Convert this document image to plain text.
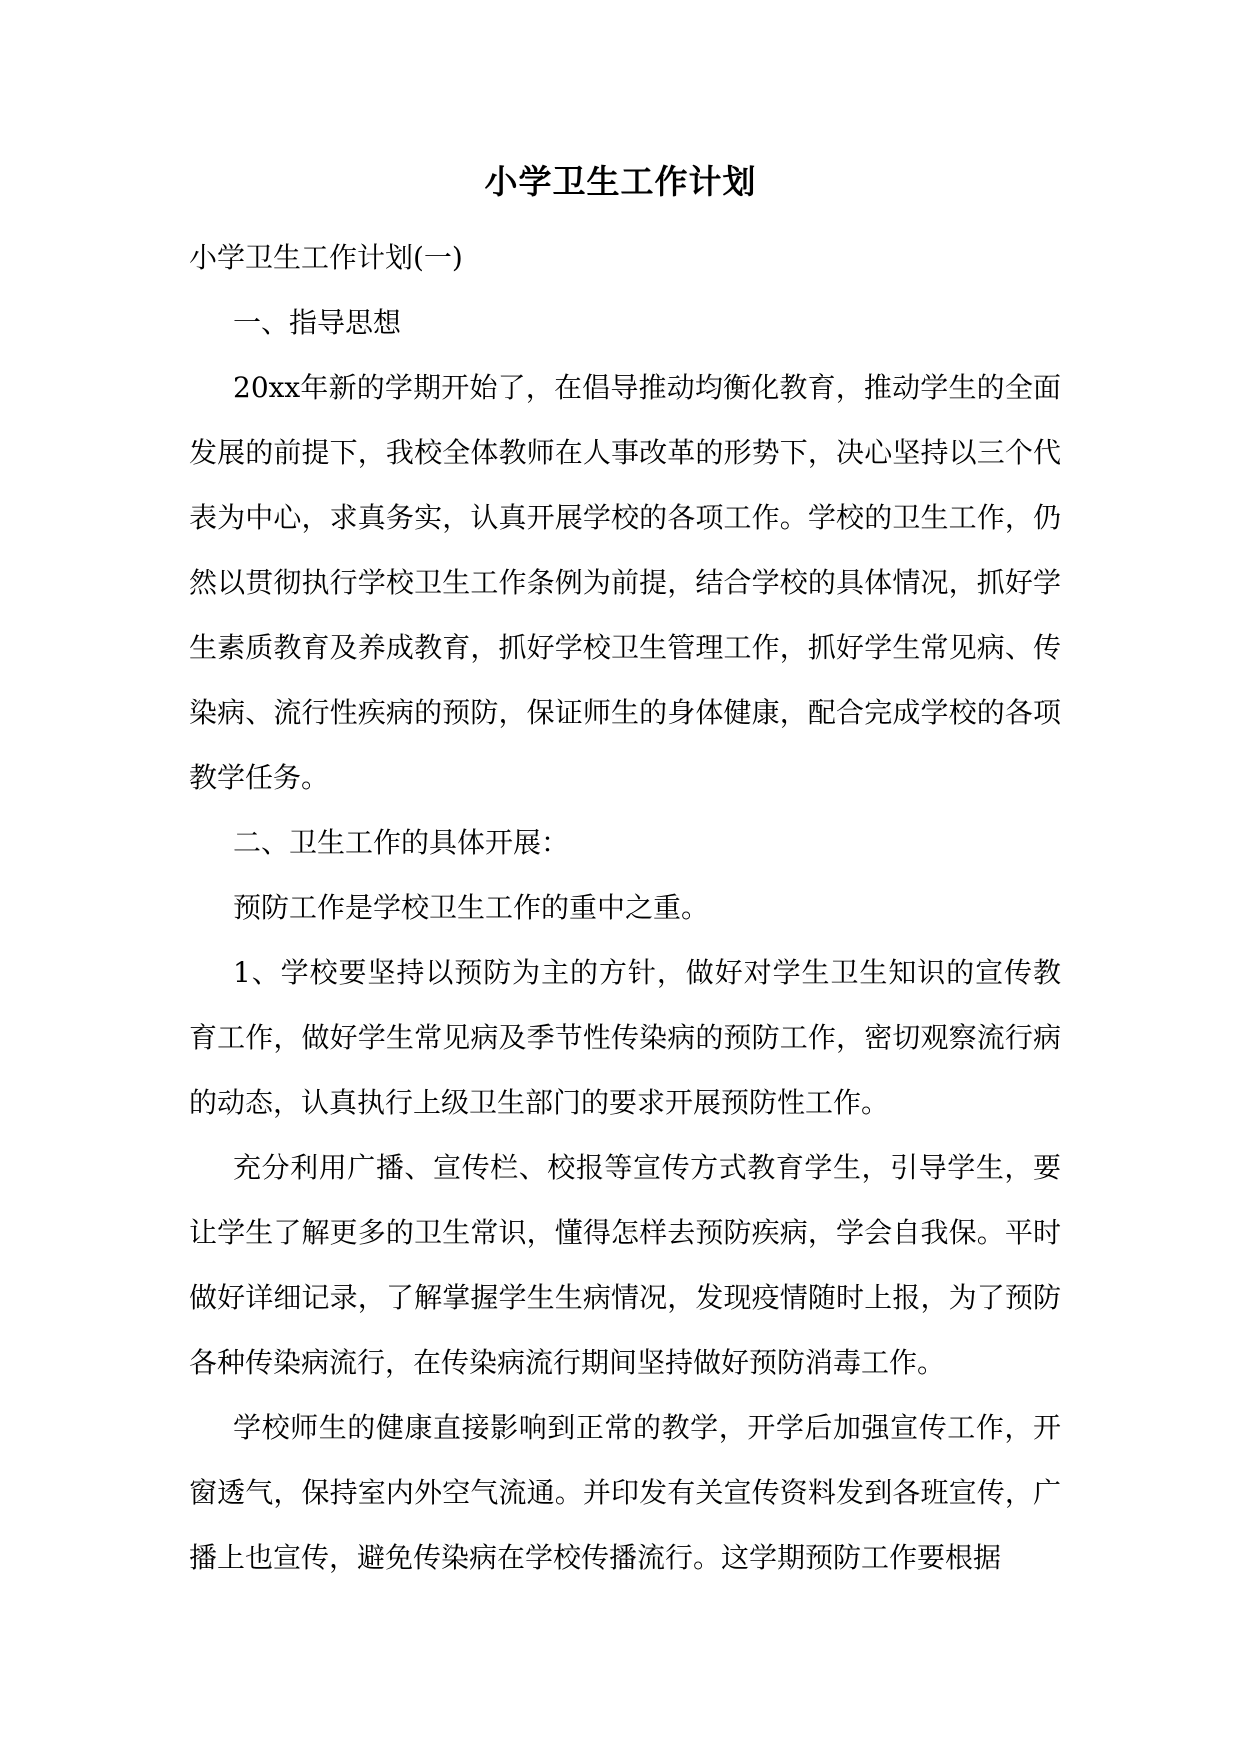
小学卫生工作计划

小学卫生工作计划(一)

一、指导思想

20xx年新的学期开始了，在倡导推动均衡化教育，推动学生的全面发展的前提下，我校全体教师在人事改革的形势下，决心坚持以三个代表为中心，求真务实，认真开展学校的各项工作。学校的卫生工作，仍然以贯彻执行学校卫生工作条例为前提，结合学校的具体情况，抓好学生素质教育及养成教育，抓好学校卫生管理工作，抓好学生常见病、传染病、流行性疾病的预防，保证师生的身体健康，配合完成学校的各项教学任务。

二、卫生工作的具体开展：

预防工作是学校卫生工作的重中之重。

1、学校要坚持以预防为主的方针，做好对学生卫生知识的宣传教育工作，做好学生常见病及季节性传染病的预防工作，密切观察流行病的动态，认真执行上级卫生部门的要求开展预防性工作。

充分利用广播、宣传栏、校报等宣传方式教育学生，引导学生，要让学生了解更多的卫生常识，懂得怎样去预防疾病，学会自我保。平时做好详细记录，了解掌握学生生病情况，发现疫情随时上报，为了预防各种传染病流行，在传染病流行期间坚持做好预防消毒工作。

学校师生的健康直接影响到正常的教学，开学后加强宣传工作，开窗透气，保持室内外空气流通。并印发有关宣传资料发到各班宣传，广播上也宣传，避免传染病在学校传播流行。这学期预防工作要根据
